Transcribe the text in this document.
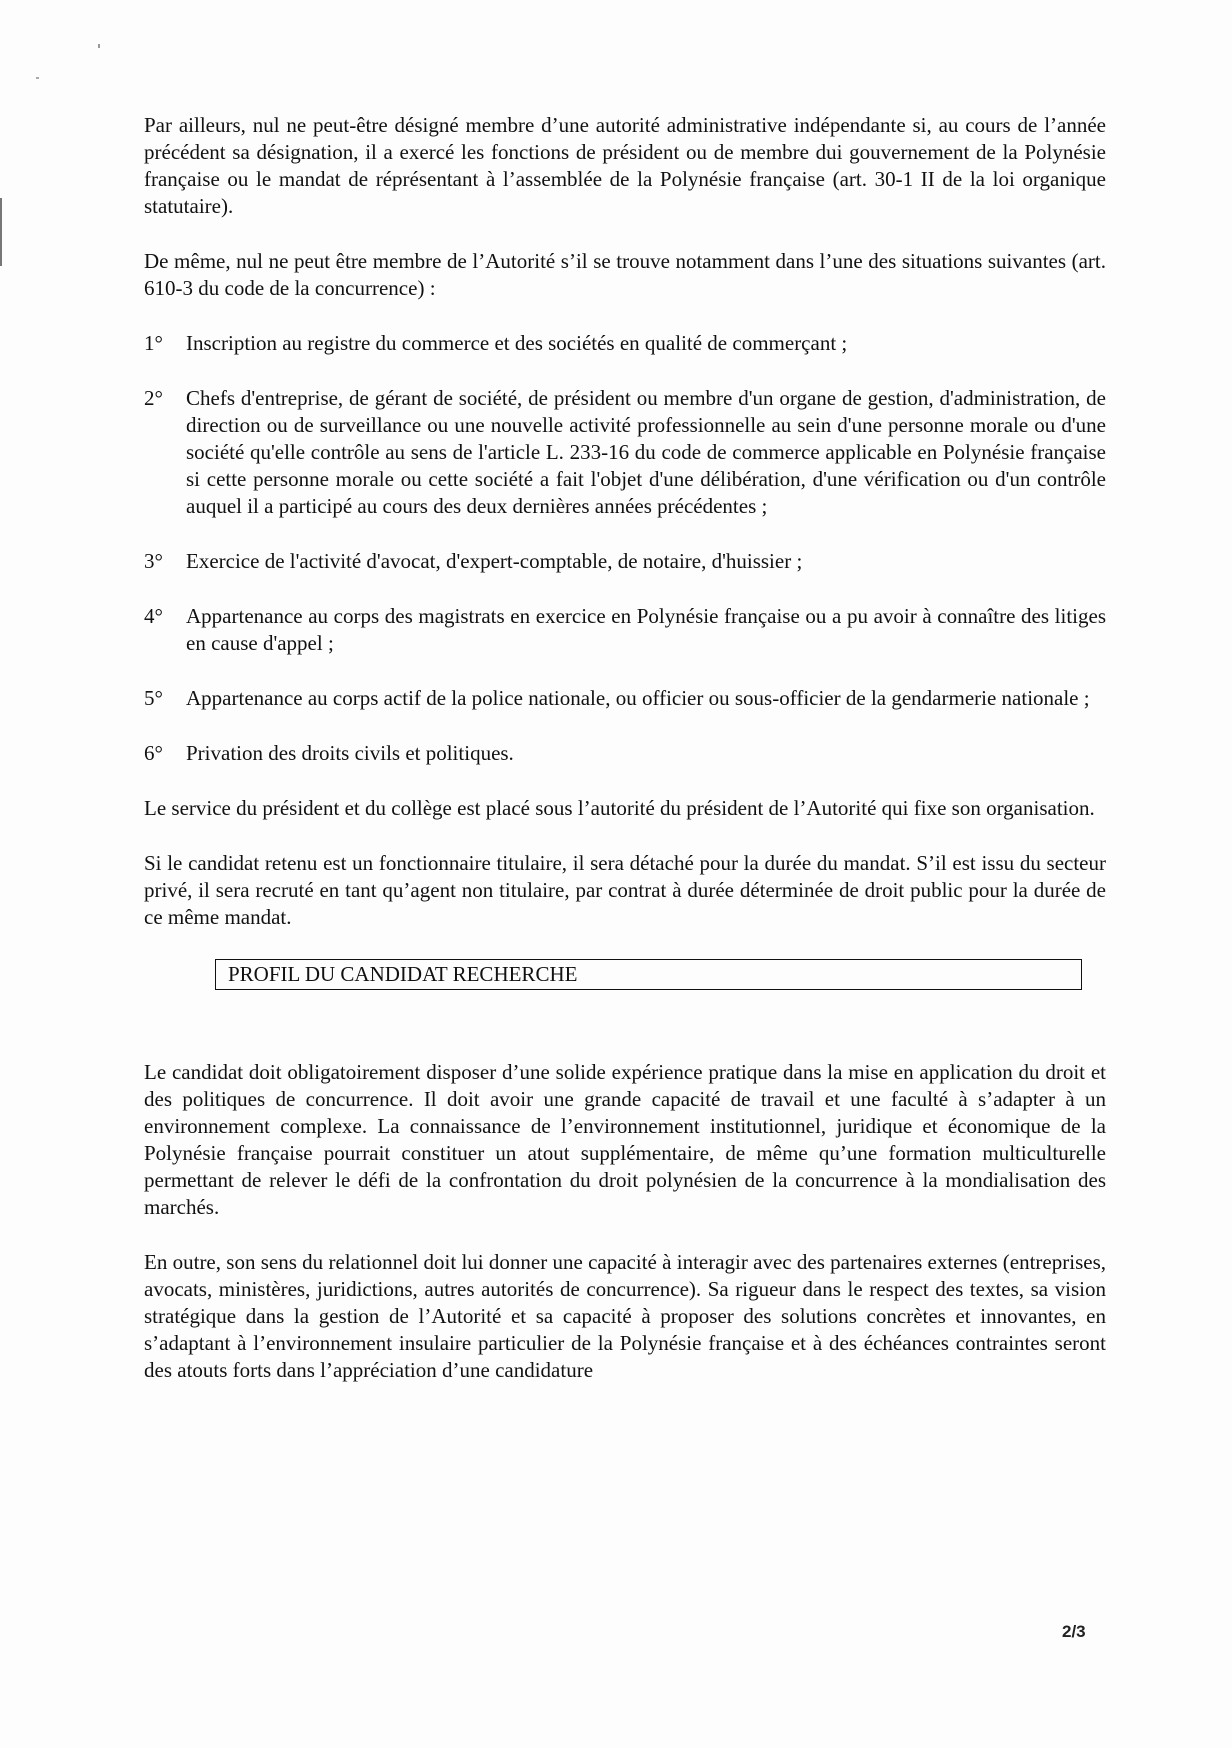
Par ailleurs, nul ne peut-être désigné membre d’une autorité administrative indépendante si, au cours de l’année précédent sa désignation, il a exercé les fonctions de président ou de membre dui gouvernement de la Polynésie française ou le mandat de réprésentant à l’assemblée de la Polynésie française (art. 30-1 II de la loi organique statutaire).

De même, nul ne peut être membre de l’Autorité s’il se trouve notamment dans l’une des situations suivantes (art. 610-3 du code de la concurrence) :

1°	Inscription au registre du commerce et des sociétés en qualité de commerçant ;
2°	Chefs d'entreprise, de gérant de société, de président ou membre d'un organe de gestion, d'administration, de direction ou de surveillance ou une nouvelle activité professionnelle au sein d'une personne morale ou d'une société qu'elle contrôle au sens de l'article L. 233-16 du code de commerce applicable en Polynésie française si cette personne morale ou cette société a fait l'objet d'une délibération, d'une vérification ou d'un contrôle auquel il a participé au cours des deux dernières années précédentes ;
3°	Exercice de l'activité d'avocat, d'expert-comptable, de notaire, d'huissier ;
4°	Appartenance au corps des magistrats en exercice en Polynésie française ou a pu avoir à connaître des litiges en cause d'appel ;
5°	Appartenance au corps actif de la police nationale, ou officier ou sous-officier de la gendarmerie nationale ;
6°	Privation des droits civils et politiques.

Le service du président et du collège est placé sous l’autorité du président de l’Autorité qui fixe son organisation.

Si le candidat retenu est un fonctionnaire titulaire, il sera détaché pour la durée du mandat. S’il est issu du secteur privé, il sera recruté en tant qu’agent non titulaire, par contrat à durée déterminée de droit public pour la durée de ce même mandat.

PROFIL DU CANDIDAT RECHERCHE

Le candidat doit obligatoirement disposer d’une solide expérience pratique dans la mise en application du droit et des politiques de concurrence. Il doit avoir une grande capacité de travail et une faculté à s’adapter à un environnement complexe. La connaissance de l’environnement institutionnel, juridique et économique de la Polynésie française pourrait constituer un atout supplémentaire, de même qu’une formation multiculturelle permettant de relever le défi de la confrontation du droit polynésien de la concurrence à la mondialisation des marchés.

En outre, son sens du relationnel doit lui donner une capacité à interagir avec des partenaires externes (entreprises, avocats, ministères, juridictions, autres autorités de concurrence). Sa rigueur dans le respect des textes, sa vision stratégique dans la gestion de l’Autorité et sa capacité à proposer des solutions concrètes et innovantes, en s’adaptant à l’environnement insulaire particulier de la Polynésie française et à des échéances contraintes seront des atouts forts dans l’appréciation d’une candidature

2/3
